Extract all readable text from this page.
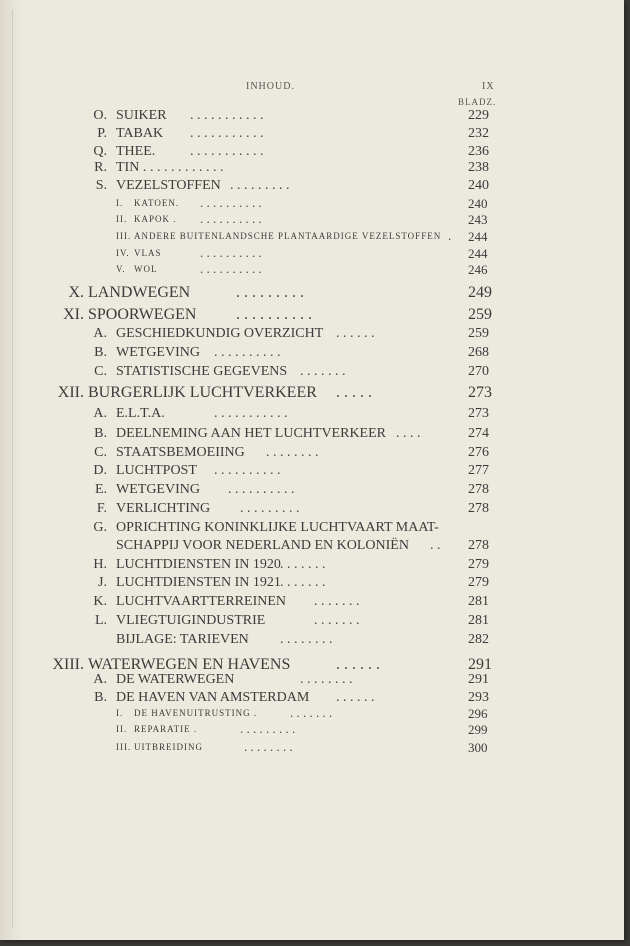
INHOUD.	IX
BLADZ.
O. SUIKER . . . . . . . . . . .	229
P. TABAK . . . . . . . . . . .	232
Q. THEE. . . . . . . . . . . .	236
R. TIN . . . . . . . . . . . .	238
S. VEZELSTOFFEN . . . . . . . . .	240
I. KATOEN. . . . . . . . . . .	240
II. KAPOK . . . . . . . . . . .	243
III. ANDERE BUITENLANDSCHE PLANTAARDIGE VEZELSTOFFEN . 244
IV. VLAS	. . . . . . . . . .	244
V. WOL	. . . . . . . . . .	246
X. LANDWEGEN	. . . . . . . . .	249
XI. SPOORWEGEN . . . . . . . . . .	259
A. GESCHIEDKUNDIG OVERZICHT . . . . . .	259
B. WETGEVING . . . . . . . . . .	268
C. STATISTISCHE GEGEVENS . . . . . . .	270
XII. BURGERLIJK LUCHTVERKEER . . . . .	273
A. E.L.T.A.	. . . . . . . . . . .	273
B. DEELNEMING AAN HET LUCHTVERKEER . . . .	274
C. STAATSBEMOEIING . . . . . . . .	276
D. LUCHTPOST . . . . . . . . . .	277
E. WETGEVING . . . . . . . . . .	278
F. VERLICHTING . . . . . . . . .	278
G. OPRICHTING KONINKLIJKE LUCHTVAART MAAT-
SCHAPPIJ VOOR NEDERLAND EN KOLONIËN . . 278
H. LUCHTDIENSTEN IN 1920 . . . . . . .	279
J. LUCHTDIENSTEN IN 1921 . . . . . . .	279
K. LUCHTVAARTTERREINEN . . . . . . .	281
L. VLIEGTUIGINDUSTRIE	. . . . . . .	281
BIJLAGE: TARIEVEN . . . . . . . .	282
XIII. WATERWEGEN EN HAVENS	. . . . . .	291
A. DE WATERWEGEN	. . . . . . . .	291
B. DE HAVEN VAN AMSTERDAM . . . . . .	293
I. DE HAVENUITRUSTING .	. . . . . . .	296
II. REPARATIE .	. . . . . . . . .	299
III. UITBREIDING	. . . . . . . .	300
